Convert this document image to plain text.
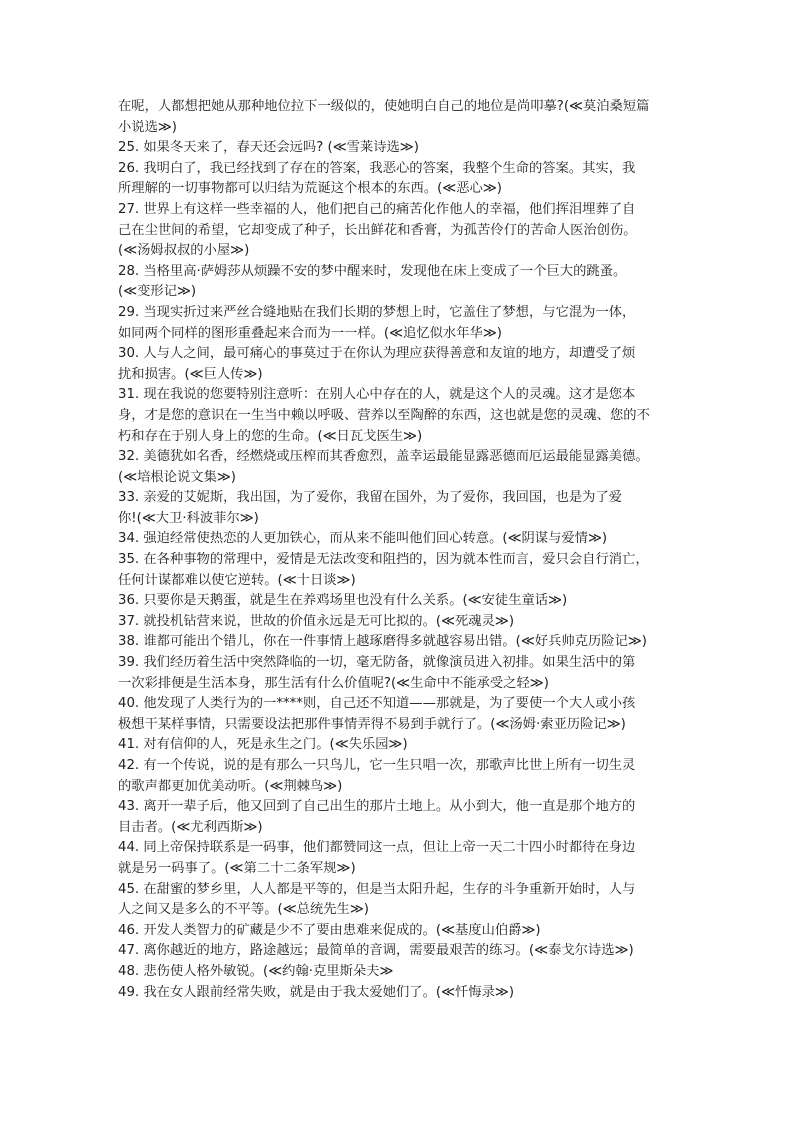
在呢，人都想把她从那种地位拉下一级似的，使她明白自己的地位是尚叩摹?(≪莫泊桑短篇
小说选≫)
25. 如果冬天来了，春天还会远吗? (≪雪莱诗选≫)
26. 我明白了，我已经找到了存在的答案，我恶心的答案，我整个生命的答案。其实，我
所理解的一切事物都可以归结为荒诞这个根本的东西。(≪恶心≫)
27. 世界上有这样一些幸福的人，他们把自己的痛苦化作他人的幸福，他们挥泪埋葬了自
己在尘世间的希望，它却变成了种子，长出鲜花和香膏，为孤苦伶仃的苦命人医治创伤。
(≪汤姆叔叔的小屋≫)
28. 当格里高·萨姆莎从烦躁不安的梦中醒来时，发现他在床上变成了一个巨大的跳蚤。
(≪变形记≫)
29. 当现实折过来严丝合缝地贴在我们长期的梦想上时，它盖住了梦想，与它混为一体，
如同两个同样的图形重叠起来合而为一一样。(≪追忆似水年华≫)
30. 人与人之间，最可痛心的事莫过于在你认为理应获得善意和友谊的地方，却遭受了烦
扰和损害。(≪巨人传≫)
31. 现在我说的您要特别注意听：在别人心中存在的人，就是这个人的灵魂。这才是您本
身，才是您的意识在一生当中赖以呼吸、营养以至陶醉的东西，这也就是您的灵魂、您的不
朽和存在于别人身上的您的生命。(≪日瓦戈医生≫)
32. 美德犹如名香，经燃烧或压榨而其香愈烈，盖幸运最能显露恶德而厄运最能显露美德。
(≪培根论说文集≫)
33. 亲爱的艾妮斯，我出国，为了爱你，我留在国外，为了爱你，我回国，也是为了爱
你!(≪大卫·科波菲尔≫)
34. 强迫经常使热恋的人更加铁心，而从来不能叫他们回心转意。(≪阴谋与爱情≫)
35. 在各种事物的常理中，爱情是无法改变和阻挡的，因为就本性而言，爱只会自行消亡，
任何计谋都难以使它逆转。(≪十日谈≫)
36. 只要你是天鹅蛋，就是生在养鸡场里也没有什么关系。(≪安徒生童话≫)
37. 就投机钻营来说，世故的价值永远是无可比拟的。(≪死魂灵≫)
38. 谁都可能出个错儿，你在一件事情上越琢磨得多就越容易出错。(≪好兵帅克历险记≫)
39. 我们经历着生活中突然降临的一切，毫无防备，就像演员进入初排。如果生活中的第
一次彩排便是生活本身，那生活有什么价值呢?(≪生命中不能承受之轻≫)
40. 他发现了人类行为的一****则，自己还不知道——那就是，为了要使一个大人或小孩
极想干某样事情，只需要设法把那件事情弄得不易到手就行了。(≪汤姆·索亚历险记≫)
41. 对有信仰的人，死是永生之门。(≪失乐园≫)
42. 有一个传说，说的是有那么一只鸟儿，它一生只唱一次，那歌声比世上所有一切生灵
的歌声都更加优美动听。(≪荆棘鸟≫)
43. 离开一辈子后，他又回到了自己出生的那片土地上。从小到大，他一直是那个地方的
目击者。(≪尤利西斯≫)
44. 同上帝保持联系是一码事，他们都赞同这一点，但让上帝一天二十四小时都待在身边
就是另一码事了。(≪第二十二条军规≫)
45. 在甜蜜的梦乡里，人人都是平等的，但是当太阳升起，生存的斗争重新开始时，人与
人之间又是多么的不平等。(≪总统先生≫)
46. 开发人类智力的矿藏是少不了要由患难来促成的。(≪基度山伯爵≫)
47. 离你越近的地方，路途越远；最简单的音调，需要最艰苦的练习。(≪泰戈尔诗选≫)
48. 悲伤使人格外敏锐。(≪约翰·克里斯朵夫≫
49. 我在女人跟前经常失败，就是由于我太爱她们了。(≪忏悔录≫)
